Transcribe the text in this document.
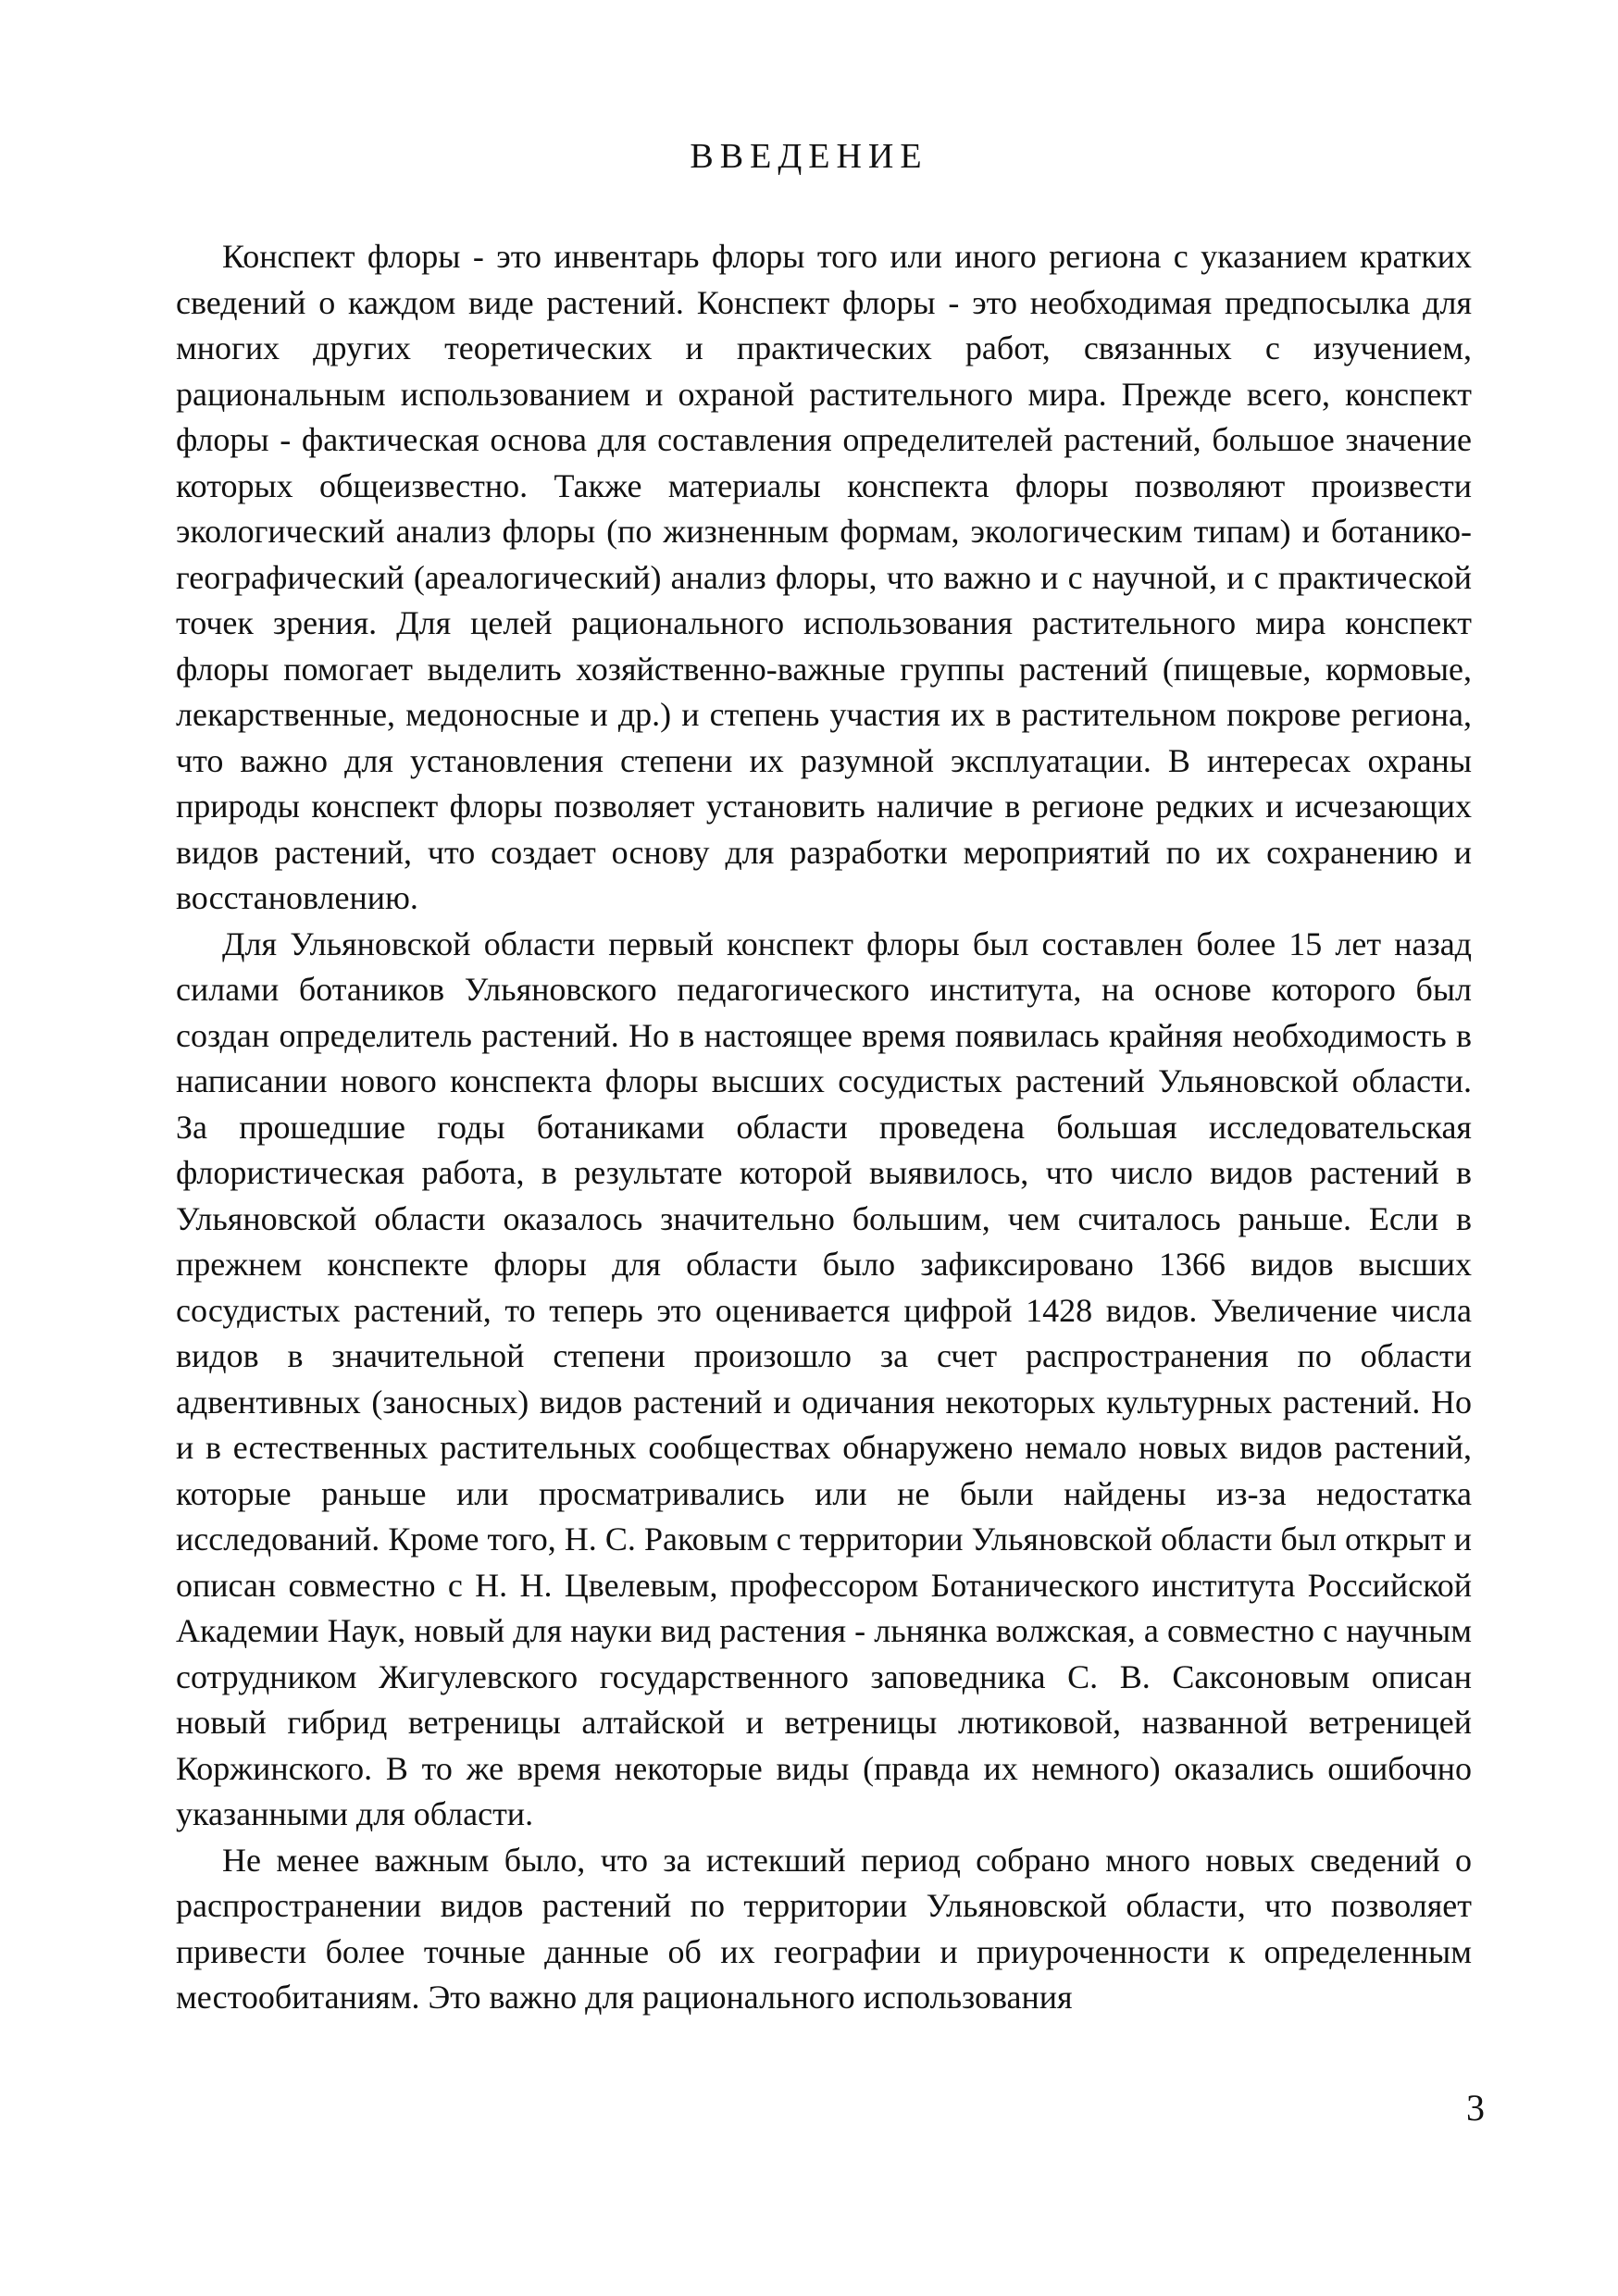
ВВЕДЕНИЕ

Конспект флоры - это инвентарь флоры того или иного региона с указанием кратких сведений о каждом виде растений. Конспект флоры - это необходимая предпосылка для многих других теоретических и практических работ, связанных с изучением, рациональным использованием и охраной растительного мира. Прежде всего, конспект флоры - фактическая основа для составления определителей растений, большое значение которых общеизвестно. Также материалы конспекта флоры позволяют произвести экологический анализ флоры (по жизненным формам, экологическим типам) и ботанико-географический (ареалогический) анализ флоры, что важно и с научной, и с практической точек зрения. Для целей рационального использования растительного мира конспект флоры помогает выделить хозяйственно-важные группы растений (пищевые, кормовые, лекарственные, медоносные и др.) и степень участия их в растительном покрове региона, что важно для установления степени их разумной эксплуатации. В интересах охраны природы конспект флоры позволяет установить наличие в регионе редких и исчезающих видов растений, что создает основу для разработки мероприятий по их сохранению и восстановлению.

Для Ульяновской области первый конспект флоры был составлен более 15 лет назад силами ботаников Ульяновского педагогического института, на основе которого был создан определитель растений. Но в настоящее время появилась крайняя необходимость в написании нового конспекта флоры высших сосудистых растений Ульяновской области. За прошедшие годы ботаниками области проведена большая исследовательская флористическая работа, в результате которой выявилось, что число видов растений в Ульяновской области оказалось значительно большим, чем считалось раньше. Если в прежнем конспекте флоры для области было зафиксировано 1366 видов высших сосудистых растений, то теперь это оценивается цифрой 1428 видов. Увеличение числа видов в значительной степени произошло за счет распространения по области адвентивных (заносных) видов растений и одичания некоторых культурных растений. Но и в естественных растительных сообществах обнаружено немало новых видов растений, которые раньше или просматривались или не были найдены из-за недостатка исследований. Кроме того, Н. С. Раковым с территории Ульяновской области был открыт и описан совместно с Н. Н. Цвелевым, профессором Ботанического института Российской Академии Наук, новый для науки вид растения - льнянка волжская, а совместно с научным сотрудником Жигулевского государственного заповедника С. В. Саксоновым описан новый гибрид ветреницы алтайской и ветреницы лютиковой, названной ветреницей Коржинского. В то же время некоторые виды (правда их немного) оказались ошибочно указанными для области.

Не менее важным было, что за истекший период собрано много новых сведений о распространении видов растений по территории Ульяновской области, что позволяет привести более точные данные об их географии и приуроченности к определенным местообитаниям. Это важно для рационального использования

3
